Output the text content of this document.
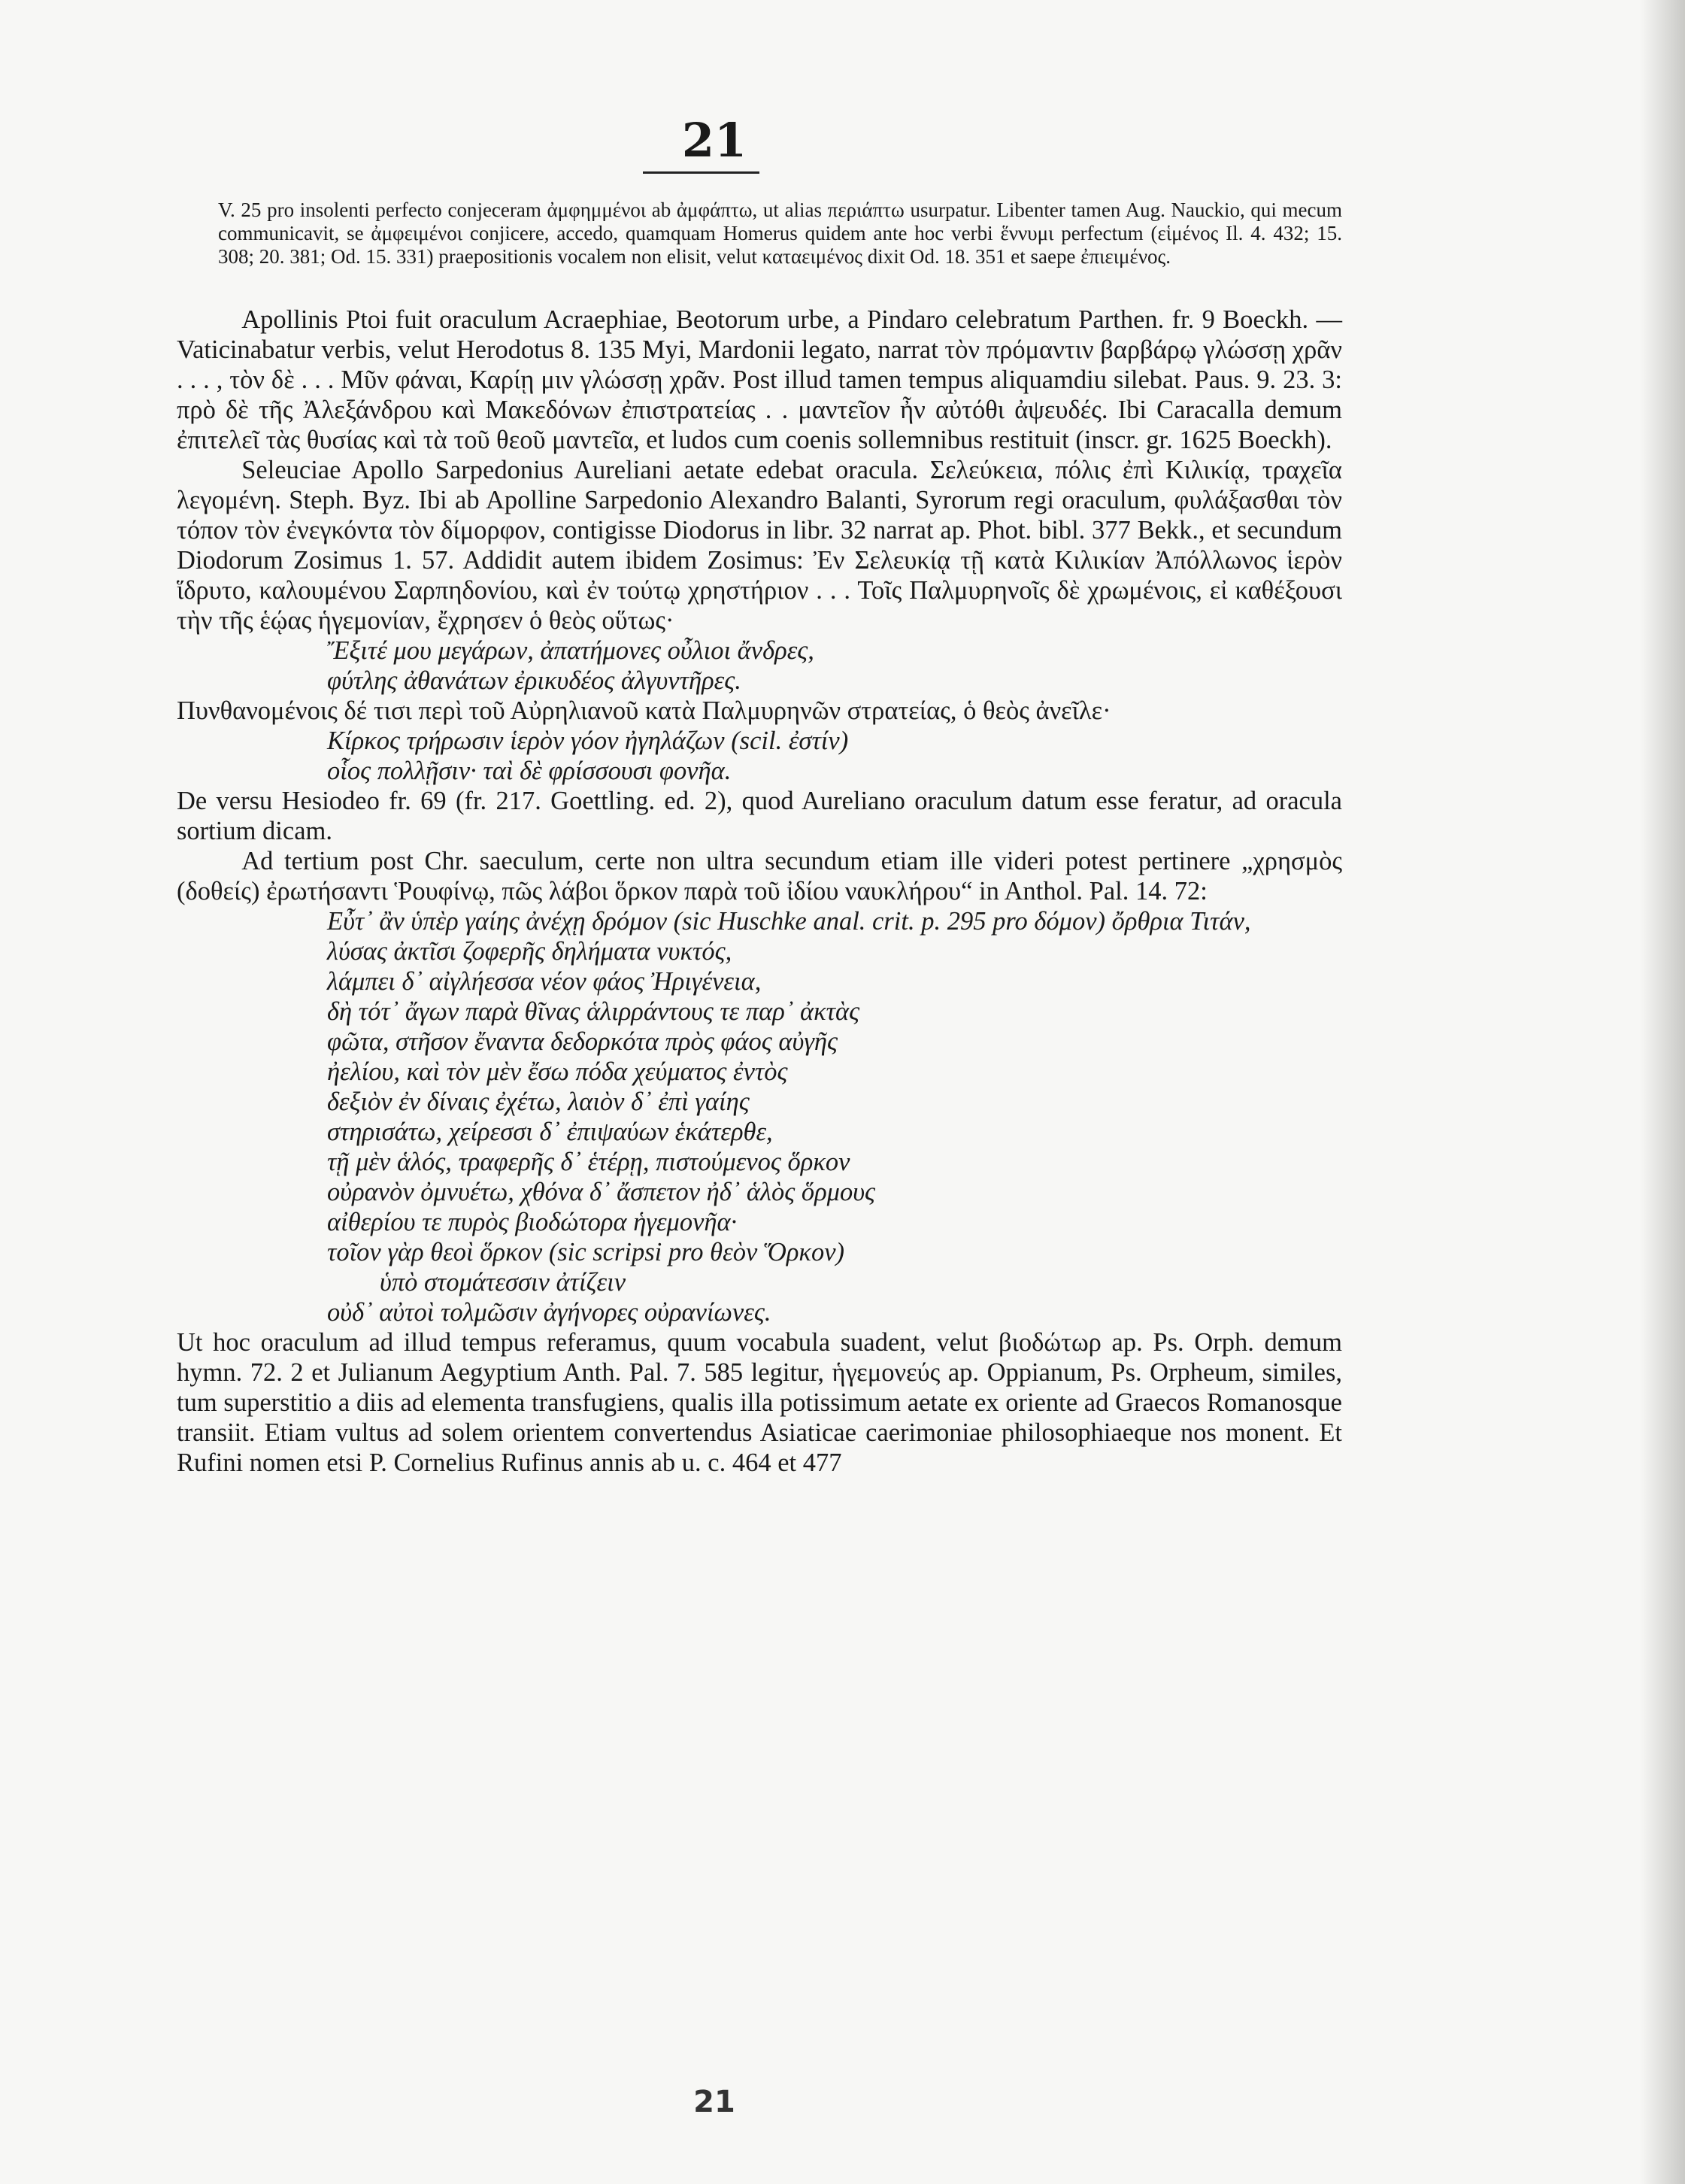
21
V. 25 pro insolenti perfecto conjeceram ἀμφημμένοι ab ἀμφάπτω, ut alias περιάπτω usurpatur. Libenter tamen Aug. Nauckio, qui mecum communicavit, se ἀμφειμένοι conjicere, accedo, quamquam Homerus quidem ante hoc verbi ἕννυμι perfectum (εἱμένος Il. 4. 432; 15. 308; 20. 381; Od. 15. 331) praepositionis vocalem non elisit, velut καταειμένος dixit Od. 18. 351 et saepe ἐπιειμένος.

Apollinis Ptoi fuit oraculum Acraephiae, Beotorum urbe, a Pindaro celebratum Parthen. fr. 9 Boeckh. — Vaticinabatur verbis, velut Herodotus 8. 135 Myi, Mardonii legato, narrat τὸν πρόμαντιν βαρβάρῳ γλώσσῃ χρᾶν . . . , τὸν δὲ . . . Μῦν φάναι, Καρίῃ μιν γλώσσῃ χρᾶν. Post illud tamen tempus aliquamdiu silebat. Paus. 9. 23. 3: πρὸ δὲ τῆς Ἀλεξάνδρου καὶ Μακεδόνων ἐπιστρατείας . . μαντεῖον ἦν αὐτόθι ἀψευδές. Ibi Caracalla demum ἐπιτελεῖ τὰς θυσίας καὶ τὰ τοῦ θεοῦ μαντεῖα, et ludos cum coenis sollemnibus restituit (inscr. gr. 1625 Boeckh).

Seleuciae Apollo Sarpedonius Aureliani aetate edebat oracula. Σελεύκεια, πόλις ἐπὶ Κιλικίᾳ, τραχεῖα λεγομένη. Steph. Byz. Ibi ab Apolline Sarpedonio Alexandro Balanti, Syrorum regi oraculum, φυλάξασθαι τὸν τόπον τὸν ἐνεγκόντα τὸν δίμορφον, contigisse Diodorus in libr. 32 narrat ap. Phot. bibl. 377 Bekk., et secundum Diodorum Zosimus 1. 57. Addidit autem ibidem Zosimus: Ἐν Σελευκίᾳ τῇ κατὰ Κιλικίαν Ἀπόλλωνος ἱερὸν ἵδρυτο, καλουμένου Σαρπηδονίου, καὶ ἐν τούτῳ χρηστήριον . . . Τοῖς Παλμυρηνοῖς δὲ χρωμένοις, εἰ καθέξουσι τὴν τῆς ἑῴας ἡγεμονίαν, ἔχρησεν ὁ θεὸς οὕτως·

Ἔξιτέ μου μεγάρων, ἀπατήμονες οὖλιοι ἄνδρες,

φύτλης ἀθανάτων ἐρικυδέος ἀλγυντῆρες.

Πυνθανομένοις δέ τισι περὶ τοῦ Αὐρηλιανοῦ κατὰ Παλμυρηνῶν στρατείας, ὁ θεὸς ἀνεῖλε·

Κίρκος τρήρωσιν ἱερὸν γόον ἠγηλάζων (scil. ἐστίν)

οἷος πολλῇσιν· ταὶ δὲ φρίσσουσι φονῆα.

De versu Hesiodeo fr. 69 (fr. 217. Goettling. ed. 2), quod Aureliano oraculum datum esse feratur, ad oracula sortium dicam.

Ad tertium post Chr. saeculum, certe non ultra secundum etiam ille videri potest pertinere „χρησμὸς (δοθείς) ἐρωτήσαντι Ῥουφίνῳ, πῶς λάβοι ὅρκον παρὰ τοῦ ἰδίου ναυκλήρου“ in Anthol. Pal. 14. 72:

Εὖτ᾽ ἂν ὑπὲρ γαίης ἀνέχῃ δρόμον (sic Huschke anal. crit. p. 295 pro δόμον) ὄρθρια Τιτάν,

λύσας ἀκτῖσι ζοφερῆς δηλήματα νυκτός,

λάμπει δ᾽ αἰγλήεσσα νέον φάος Ἠριγένεια,

δὴ τότ᾽ ἄγων παρὰ θῖνας ἁλιρράντους τε παρ᾽ ἀκτὰς

φῶτα, στῆσον ἔναντα δεδορκότα πρὸς φάος αὐγῆς

ἠελίου, καὶ τὸν μὲν ἔσω πόδα χεύματος ἐντὸς

δεξιὸν ἐν δίναις ἐχέτω, λαιὸν δ᾽ ἐπὶ γαίης

στηρισάτω, χείρεσσι δ᾽ ἐπιψαύων ἑκάτερθε,

τῇ μὲν ἁλός, τραφερῆς δ᾽ ἑτέρῃ, πιστούμενος ὅρκον

οὐρανὸν ὀμνυέτω, χθόνα δ᾽ ἄσπετον ἠδ᾽ ἁλὸς ὅρμους

αἰθερίου τε πυρὸς βιοδώτορα ἡγεμονῆα·

τοῖον γὰρ θεοὶ ὅρκον (sic scripsi pro θεὸν Ὅρκον)

ὑπὸ στομάτεσσιν ἀτίζειν

οὐδ᾽ αὐτοὶ τολμῶσιν ἀγήνορες οὐρανίωνες.

Ut hoc oraculum ad illud tempus referamus, quum vocabula suadent, velut βιοδώτωρ ap. Ps. Orph. demum hymn. 72. 2 et Julianum Aegyptium Anth. Pal. 7. 585 legitur, ἡγεμονεύς ap. Oppianum, Ps. Orpheum, similes, tum superstitio a diis ad elementa transfugiens, qualis illa potissimum aetate ex oriente ad Graecos Romanosque transiit. Etiam vultus ad solem orientem convertendus Asiaticae caerimoniae philosophiaeque nos monent. Et Rufini nomen etsi P. Cornelius Rufinus annis ab u. c. 464 et 477

21
